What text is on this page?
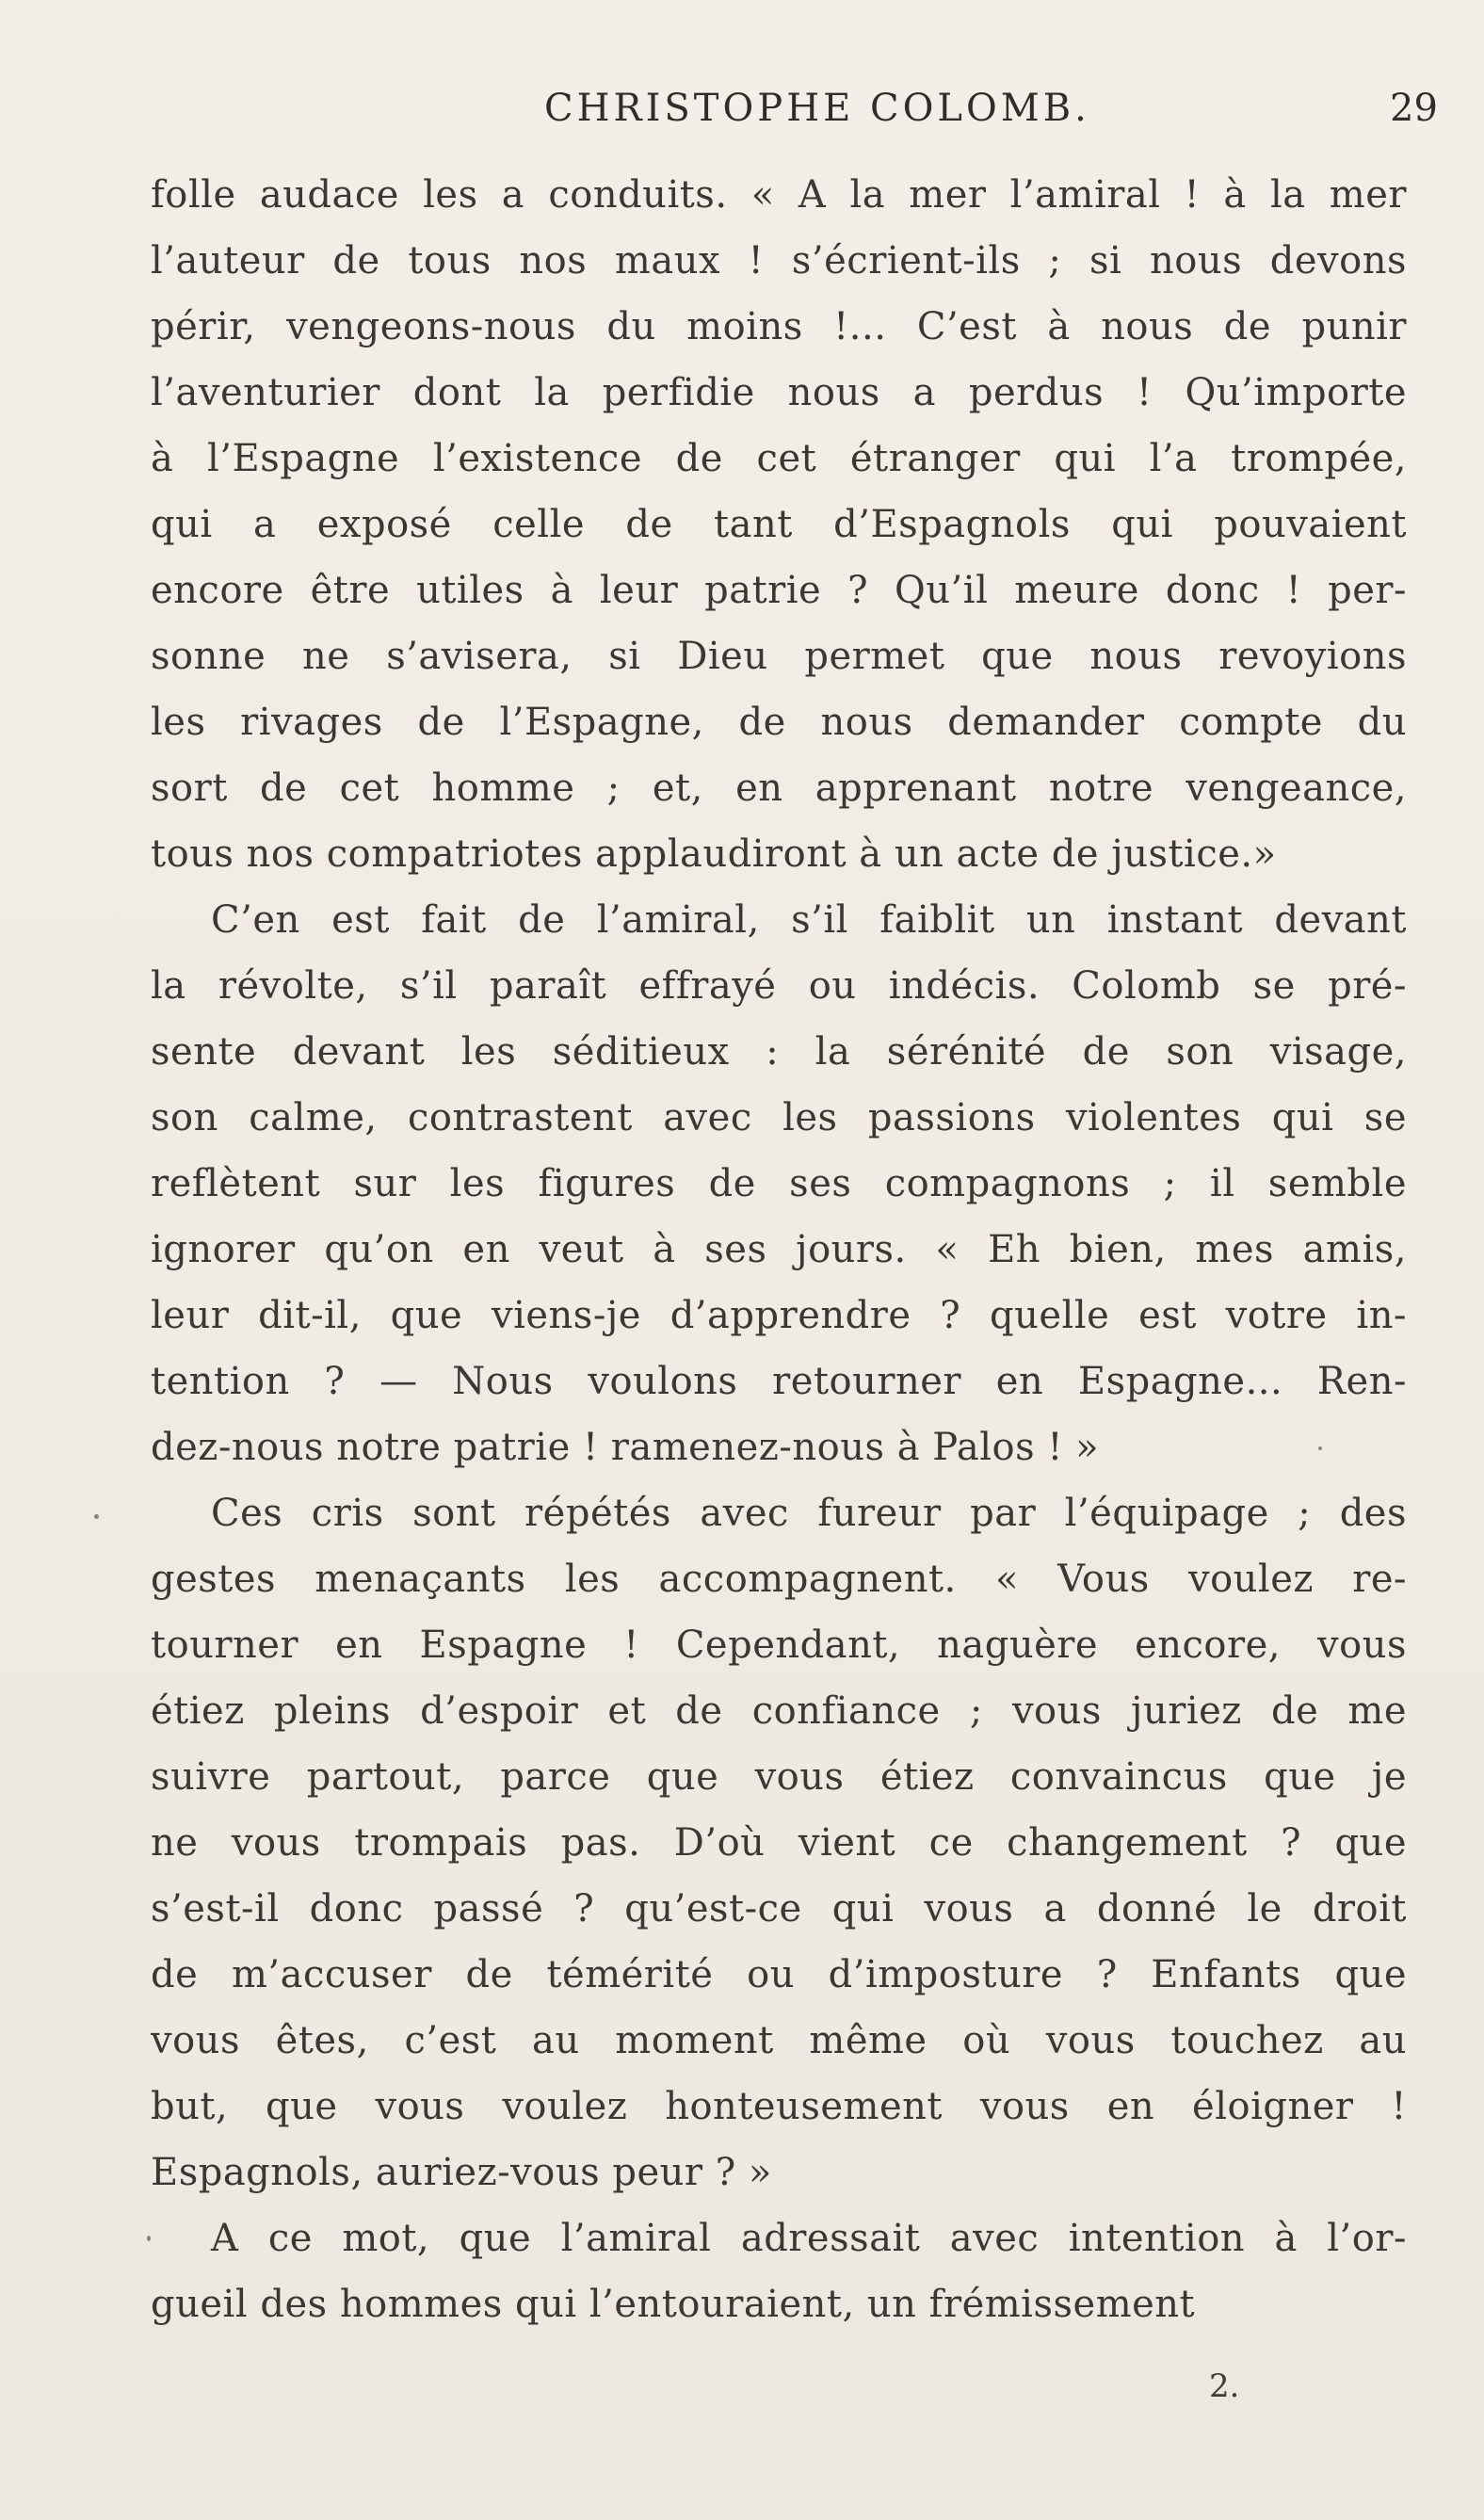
CHRISTOPHE COLOMB.	29
folle audace les a conduits. « A la mer l’amiral ! à la mer
l’auteur de tous nos maux ! s’écrient-ils ; si nous devons
périr, vengeons-nous du moins !... C’est à nous de punir
l’aventurier dont la perfidie nous a perdus ! Qu’importe
à l’Espagne l’existence de cet étranger qui l’a trompée,
qui a exposé celle de tant d’Espagnols qui pouvaient
encore être utiles à leur patrie ? Qu’il meure donc ! per-
sonne ne s’avisera, si Dieu permet que nous revoyions
les rivages de l’Espagne, de nous demander compte du
sort de cet homme ; et, en apprenant notre vengeance,
tous nos compatriotes applaudiront à un acte de justice.»
C’en est fait de l’amiral, s’il faiblit un instant devant
la révolte, s’il paraît effrayé ou indécis. Colomb se pré-
sente devant les séditieux : la sérénité de son visage,
son calme, contrastent avec les passions violentes qui se
reflètent sur les figures de ses compagnons ; il semble
ignorer qu’on en veut à ses jours. « Eh bien, mes amis,
leur dit-il, que viens-je d’apprendre ? quelle est votre in-
tention ? — Nous voulons retourner en Espagne... Ren-
dez-nous notre patrie ! ramenez-nous à Palos ! »
Ces cris sont répétés avec fureur par l’équipage ; des
gestes menaçants les accompagnent. « Vous voulez re-
tourner en Espagne ! Cependant, naguère encore, vous
étiez pleins d’espoir et de confiance ; vous juriez de me
suivre partout, parce que vous étiez convaincus que je
ne vous trompais pas. D’où vient ce changement ? que
s’est-il donc passé ? qu’est-ce qui vous a donné le droit
de m’accuser de témérité ou d’imposture ? Enfants que
vous êtes, c’est au moment même où vous touchez au
but, que vous voulez honteusement vous en éloigner !
Espagnols, auriez-vous peur ? »
A ce mot, que l’amiral adressait avec intention à l’or-
gueil des hommes qui l’entouraient, un frémissement
2.
